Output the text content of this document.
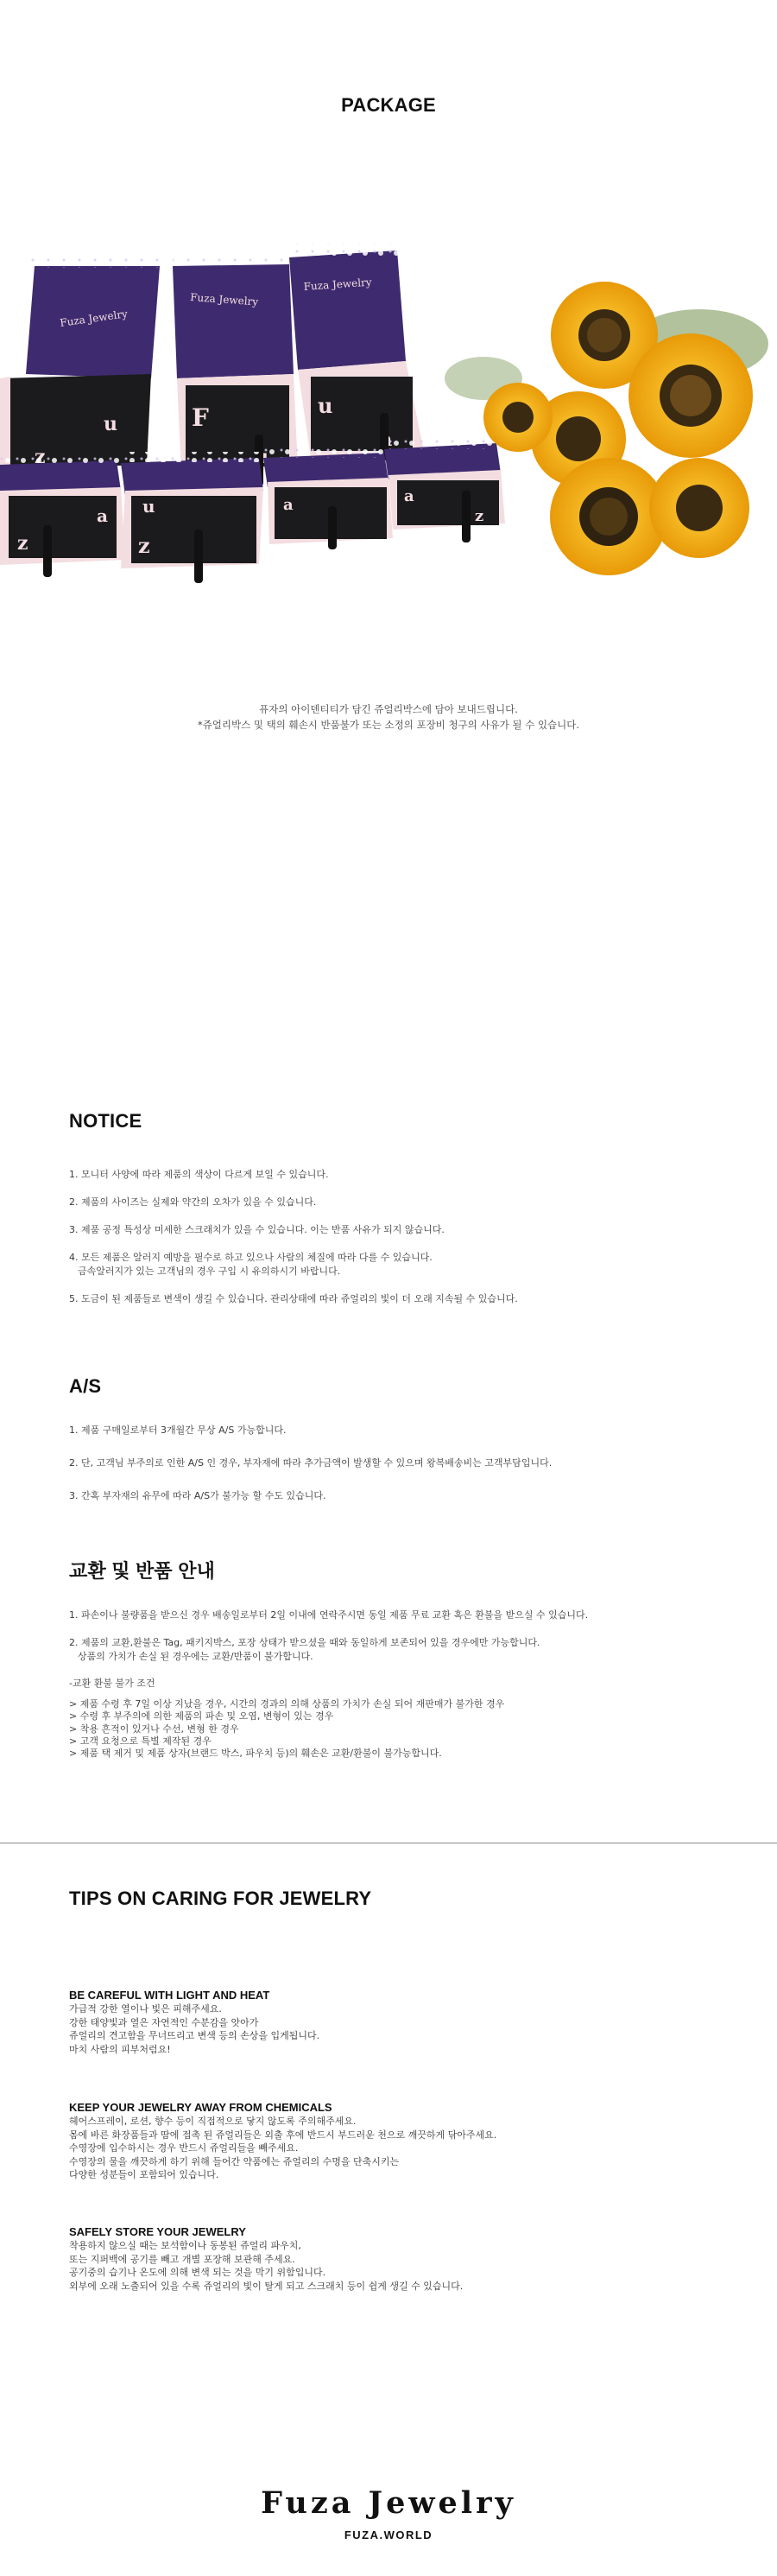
PACKAGE
u
Fuza Jewelry
F
Fuza Jewelry
u
Fuza Jewelry
z
a u
z
a	a
z
퓨자의 아이덴티티가 담긴 쥬얼리박스에 담아 보내드립니다.
*쥬얼리박스 및 택의 훼손시 반품불가 또는 소정의 포장비 청구의 사유가 될 수 있습니다.
NOTICE
1. 모니터 사양에 따라 제품의 색상이 다르게 보일 수 있습니다.
2. 제품의 사이즈는 실제와 약간의 오차가 있을 수 있습니다.
3. 제품 공정 특성상 미세한 스크래치가 있을 수 있습니다. 이는 반품 사유가 되지 않습니다.
4. 모든 제품은 알러지 예방을 필수로 하고 있으나 사람의 체질에 따라 다를 수 있습니다.
금속알러지가 있는 고객님의 경우 구입 시 유의하시기 바랍니다.
5. 도금이 된 제품들로 변색이 생길 수 있습니다. 관리상태에 따라 쥬얼리의 빛이 더 오래 지속될 수 있습니다.
A/S
1. 제품 구매일로부터 3개월간 무상 A/S 가능합니다.
2. 단, 고객님 부주의로 인한 A/S 인 경우, 부자재에 따라 추가금액이 발생할 수 있으며 왕복배송비는 고객부담입니다.
3. 간혹 부자재의 유무에 따라 A/S가 불가능 할 수도 있습니다.
교환 및 반품 안내
1. 파손이나 불량품을 받으신 경우 배송일로부터 2일 이내에 연락주시면 동일 제품 무료 교환 혹은 환불을 받으실 수 있습니다.
2. 제품의 교환,환불은 Tag, 패키지박스, 포장 상태가 받으셨을 때와 동일하게 보존되어 있을 경우에만 가능합니다.
상품의 가치가 손실 된 경우에는 교환/반품이 불가합니다.
-교환 환불 불가 조건
> 제품 수령 후 7일 이상 지났을 경우, 시간의 경과의 의해 상품의 가치가 손실 되어 재판매가 불가한 경우
> 수령 후 부주의에 의한 제품의 파손 및 오염, 변형이 있는 경우
> 착용 흔적이 있거나 수선, 변형 한 경우
> 고객 요청으로 특별 제작된 경우
> 제품 택 제거 및 제품 상자(브랜드 박스, 파우치 등)의 훼손은 교환/환불이 불가능합니다.
TIPS ON CARING FOR JEWELRY
BE CAREFUL WITH LIGHT AND HEAT
가급적 강한 열이나 빛은 피해주세요.
강한 태양빛과 열은 자연적인 수분감을 앗아가
쥬얼리의 견고함을 무너뜨리고 변색 등의 손상을 입게됩니다.
마치 사람의 피부처럼요!
KEEP YOUR JEWELRY AWAY FROM CHEMICALS
헤어스프레이, 로션, 향수 등이 직접적으로 닿지 않도록 주의해주세요.
몸에 바른 화장품들과 땀에 접촉 된 쥬얼리들은 외출 후에 반드시 부드러운 천으로 깨끗하게 닦아주세요.
수영장에 입수하시는 경우 반드시 쥬얼리들을 빼주세요.
수영장의 물을 깨끗하게 하기 위해 들어간 약품에는 쥬얼리의 수명을 단축시키는
다양한 성분들이 포함되어 있습니다.
SAFELY STORE YOUR JEWELRY
착용하지 않으실 때는 보석함이나 동봉된 쥬얼리 파우치,
또는 지퍼백에 공기를 빼고 개별 포장해 보관해 주세요.
공기중의 습기나 온도에 의해 변색 되는 것을 막기 위함입니다.
외부에 오래 노출되어 있을 수록 쥬얼리의 빛이 탈게 되고 스크래치 등이 쉽게 생길 수 있습니다.
Fuza Jewelry
FUZA.WORLD
